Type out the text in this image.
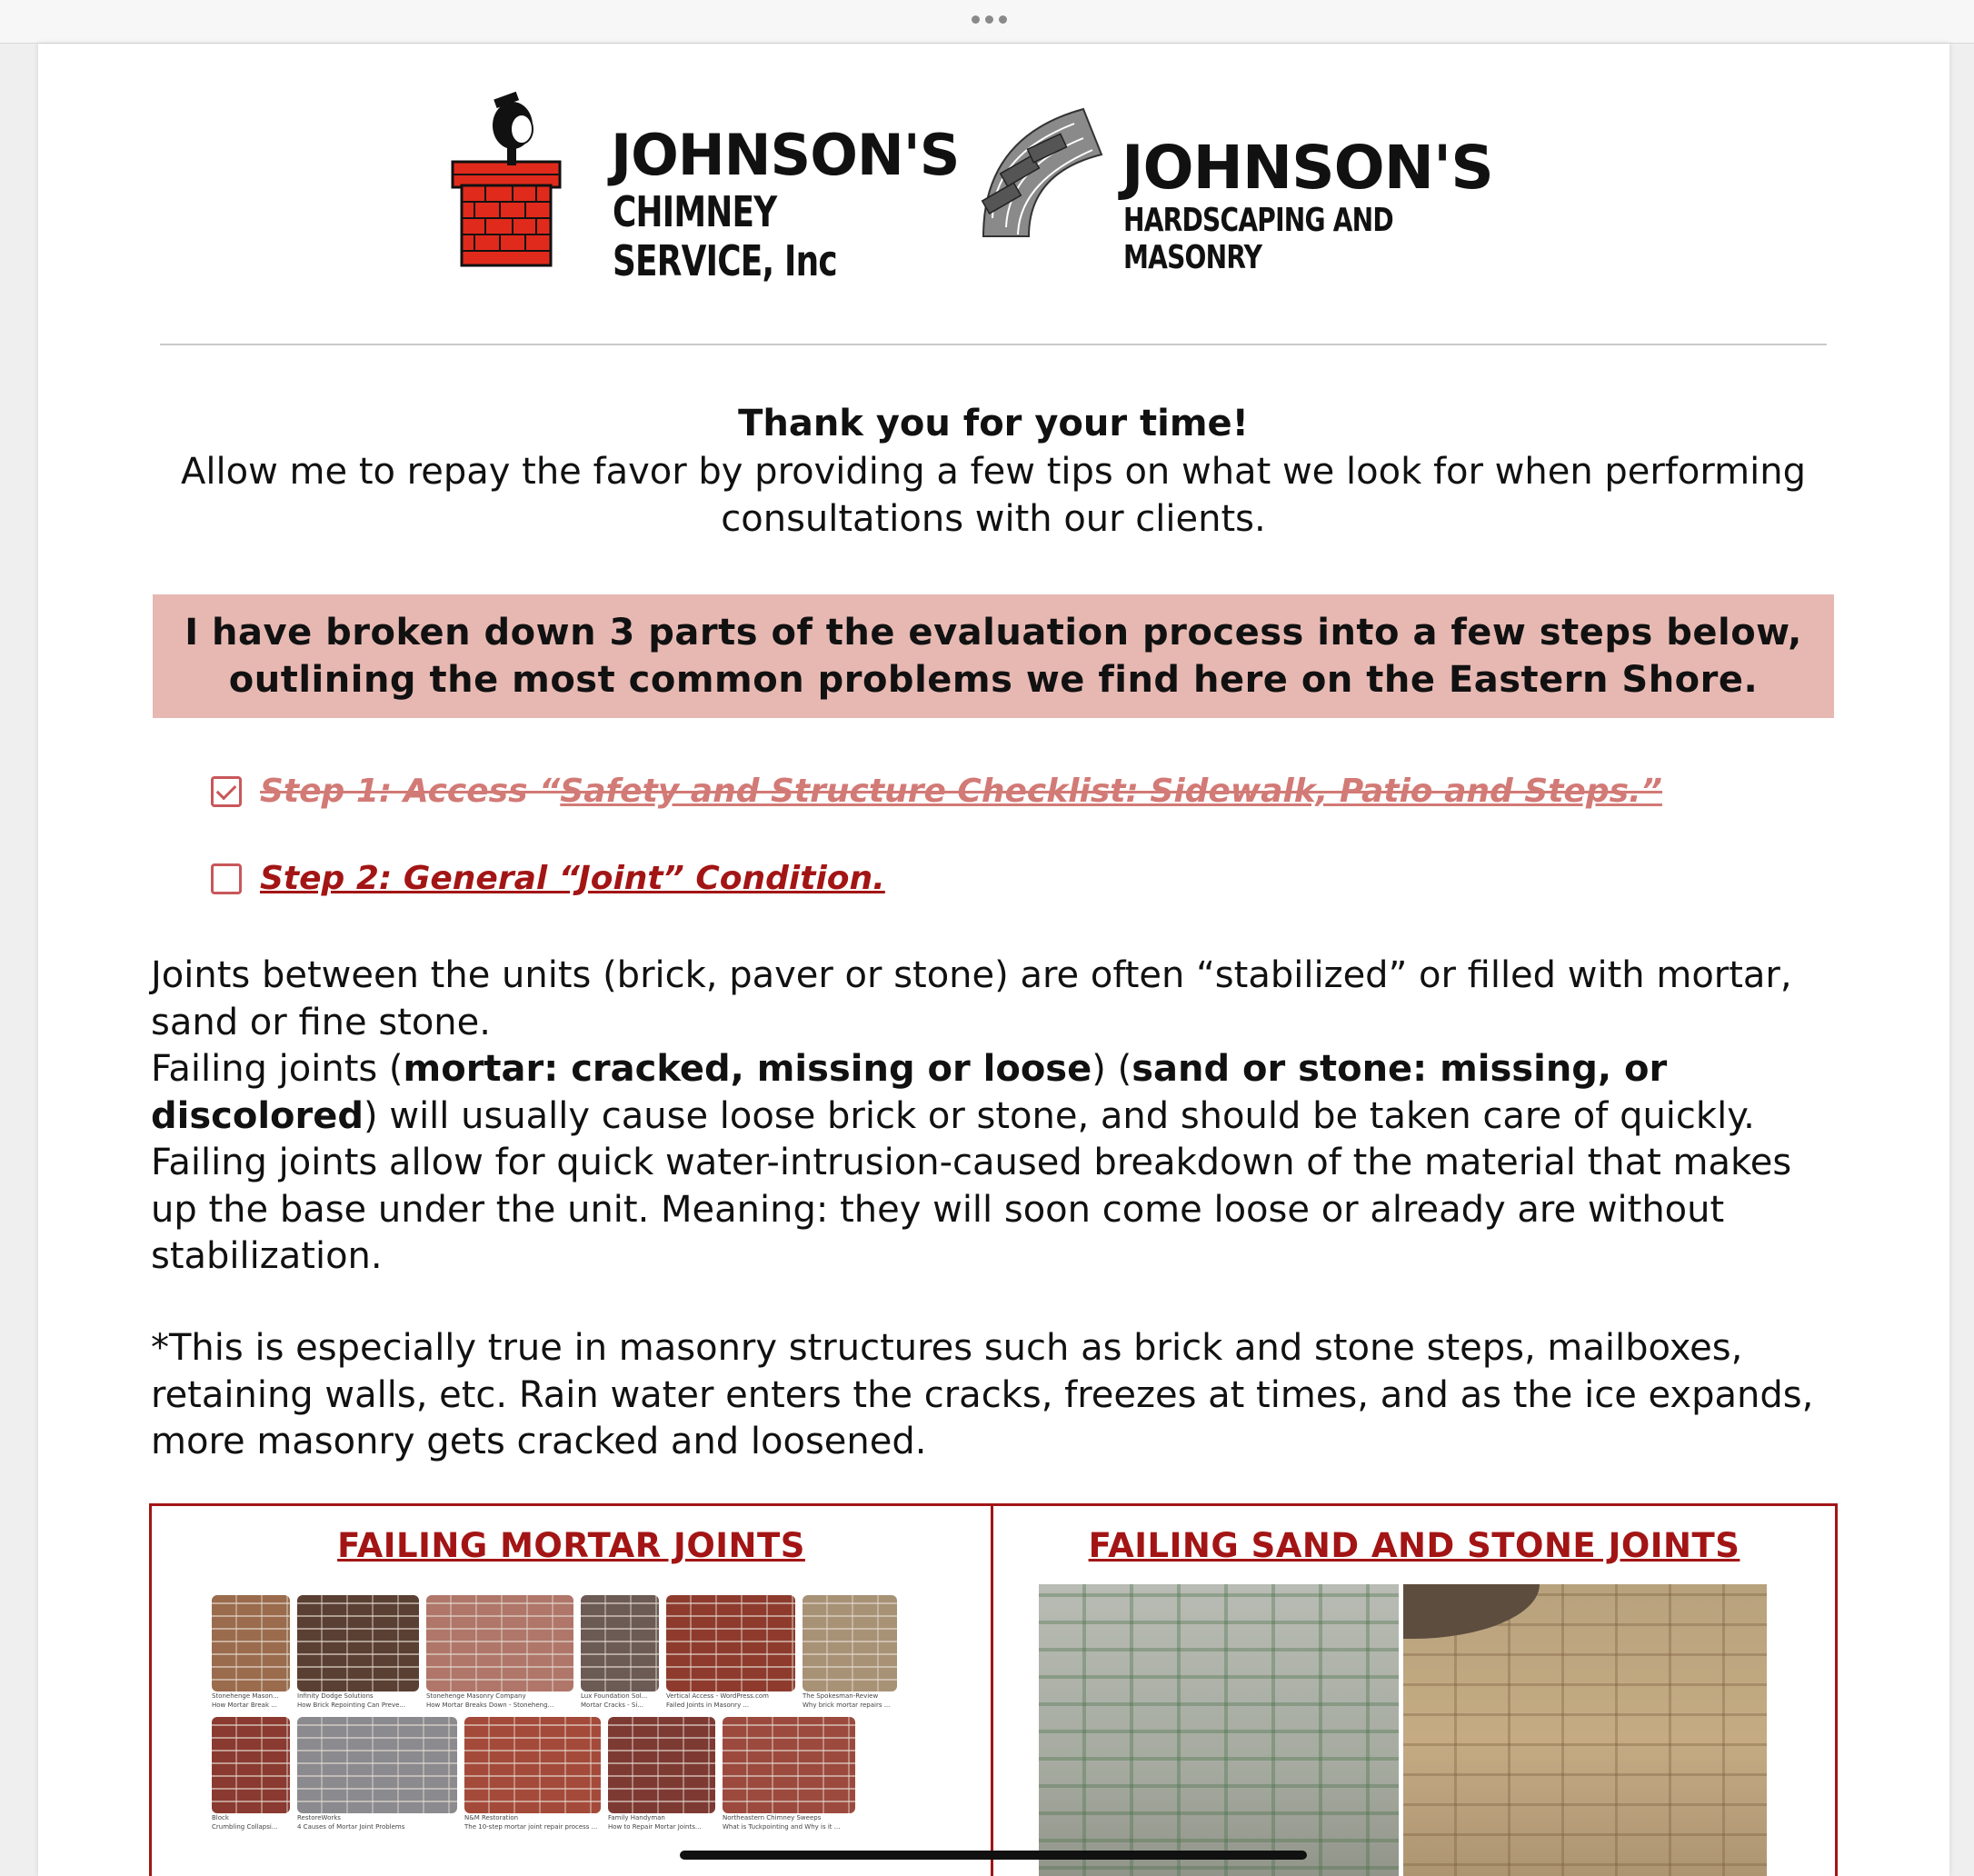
JOHNSON'S
CHIMNEY SERVICE, Inc
JOHNSON'S
HARDSCAPING AND MASONRY
Thank you for your time!
Allow me to repay the favor by providing a few tips on what we look for when performing consultations with our clients.
I have broken down 3 parts of the evaluation process into a few steps below, outlining the most common problems we find here on the Eastern Shore.
Step 1: Access “ Safety and Structure Checklist: Sidewalk, Patio and Steps.”
Step 2: General “Joint” Condition.
Joints between the units (brick, paver or stone) are often “stabilized” or filled with mortar, sand or fine stone.
Failing joints (mortar: cracked, missing or loose) (sand or stone: missing, or discolored) will usually cause loose brick or stone, and should be taken care of quickly.
Failing joints allow for quick water-intrusion-caused breakdown of the material that makes up the base under the unit. Meaning: they will soon come loose or already are without stabilization.
*This is especially true in masonry structures such as brick and stone steps, mailboxes, retaining walls, etc. Rain water enters the cracks, freezes at times, and as the ice expands, more masonry gets cracked and loosened.
FAILING MORTAR JOINTS
Stonehenge Mason...
How Mortar Break ...
Infinity Dodge Solutions
How Brick Repointing Can Preve...
Stonehenge Masonry Company
How Mortar Breaks Down - Stoneheng...
Lux Foundation Sol...
Mortar Cracks - Si...
Vertical Access - WordPress.com
Failed Joints in Masonry ...
The Spokesman-Review
Why brick mortar repairs ...
Block
Crumbling Collapsi...
RestoreWorks
4 Causes of Mortar Joint Problems
N&M Restoration
The 10-step mortar joint repair process ...
Family Handyman
How to Repair Mortar Joints...
Northeastern Chimney Sweeps
What is Tuckpointing and Why is it ...
FAILING SAND AND STONE JOINTS
